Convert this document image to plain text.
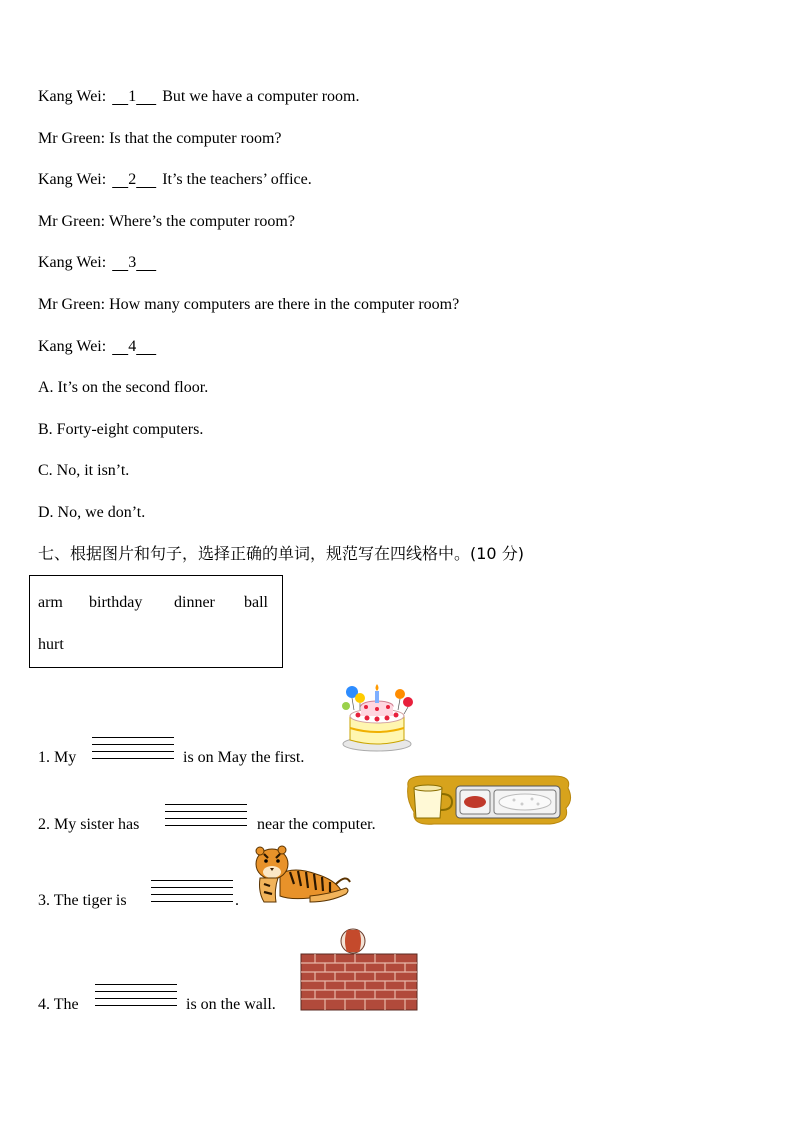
Kang Wei: 1 But we have a computer room.
Mr Green: Is that the computer room?
Kang Wei: 2 It’s the teachers’ office.
Mr Green: Where’s the computer room?
Kang Wei: 3
Mr Green: How many computers are there in the computer room?
Kang Wei: 4
A. It’s on the second floor.
B. Forty-eight computers.
C. No, it isn’t.
D. No, we don’t.
七、根据图片和句子，选择正确的单词，规范写在四线格中。(10 分)
arm birthday dinner ball
hurt
1. My	is on May the first.
2. My sister has	near the computer.
3. The tiger is	.
4. The	is on the wall.
